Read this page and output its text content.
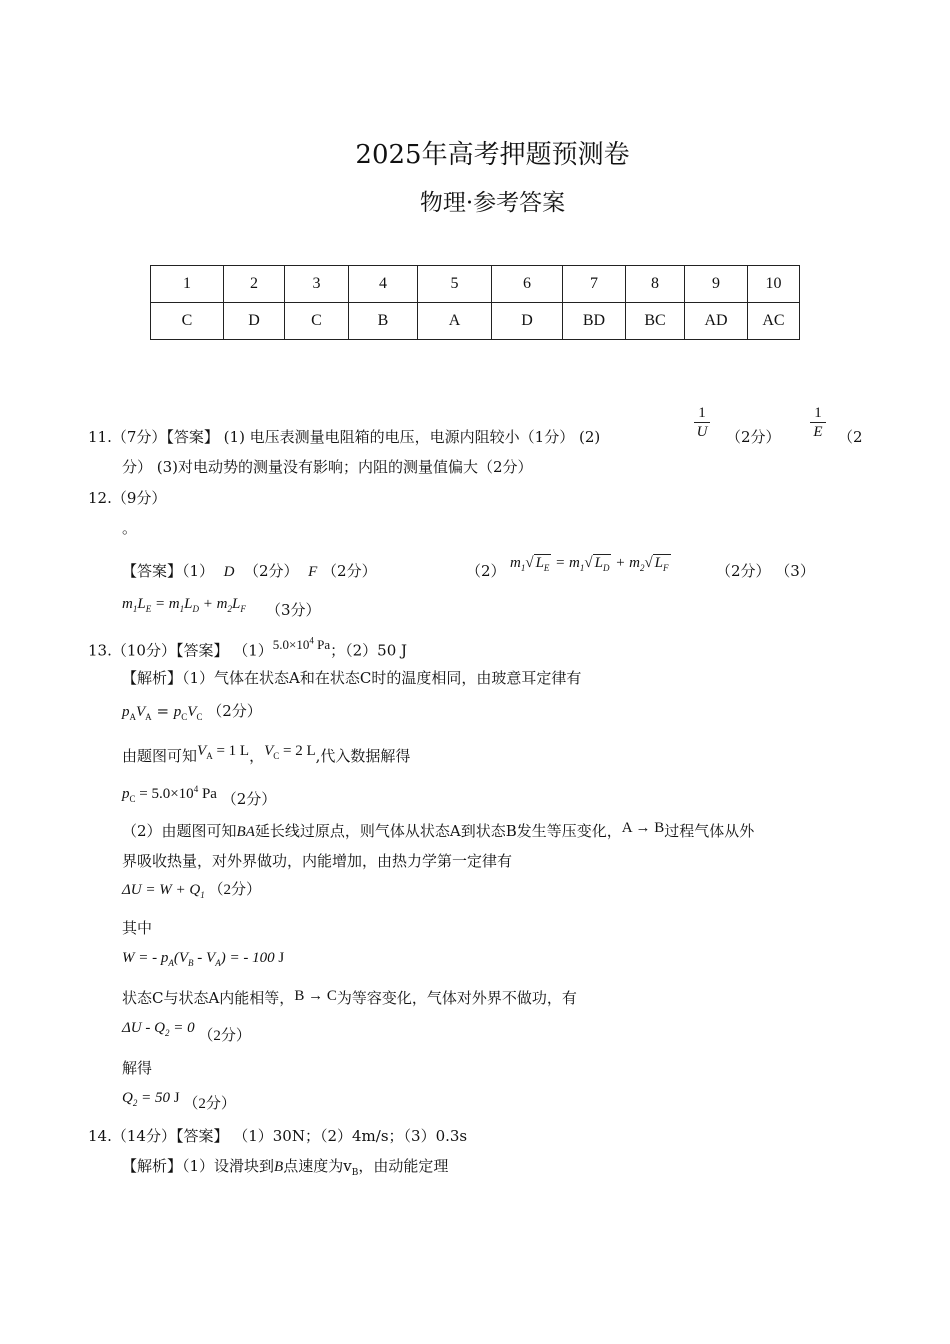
2025年高考押题预测卷
物理·参考答案
1	2	3	4	5	6	7	8	9	10
C	D	C	B	A	D	BD	BC	AD	AC
11.（7分）【答案】 (1) 电压表测量电阻箱的电压，电源内阻较小（1分） (2)	$\frac{1}{U} (2$分） $\frac{1}{E} (2$
分） (3)对电动势的测量没有影响；内阻的测量值偏大（2分）
12.（9分）
。
【答案】（1） D （2分） F （2分）	（2） $m_1√$ $L_E = m_1√$ $L_D + m_2√$ $L_F$	（2分） （3）
$m_1L_E = m_1L_D + m_2L_F$ （3分）
13.（10分）【答案】 $(1)5.0\times 10^4$ Pa；（2）50 J
【解析】（1）气体在状态A和在状态C时的温度相同，由玻意耳定律有
$p_AV_A = p_CV_C$ （2分）
由题图可知$V_A = 1$ L，$V_C = 2$ L,代入数据解得
$p_C = 5.0\times 10^4$ Pa （2分）
（2）由题图可知BA延长线过原点，则气体从状态A到状态B发生等压变化，A → B过程气体从外
界吸收热量，对外界做功，内能增加，由热力学第一定律有
$\Delta U = W + Q_1$ （2分）
其中
W = - $p_A(V_B - V_A)$ = - 100 J
状态C与状态A内能相等，B → C为等容变化，气体对外界不做功，有
$\Delta U - Q_2 = 0$ （2分）
解得
$Q_2 = 50$ J （2分）
14.（14分）【答案】 （1）30N；（2）4m/s；（3）0.3s
【解析】（1）设滑块到B点速度为$v_B$，由动能定理
